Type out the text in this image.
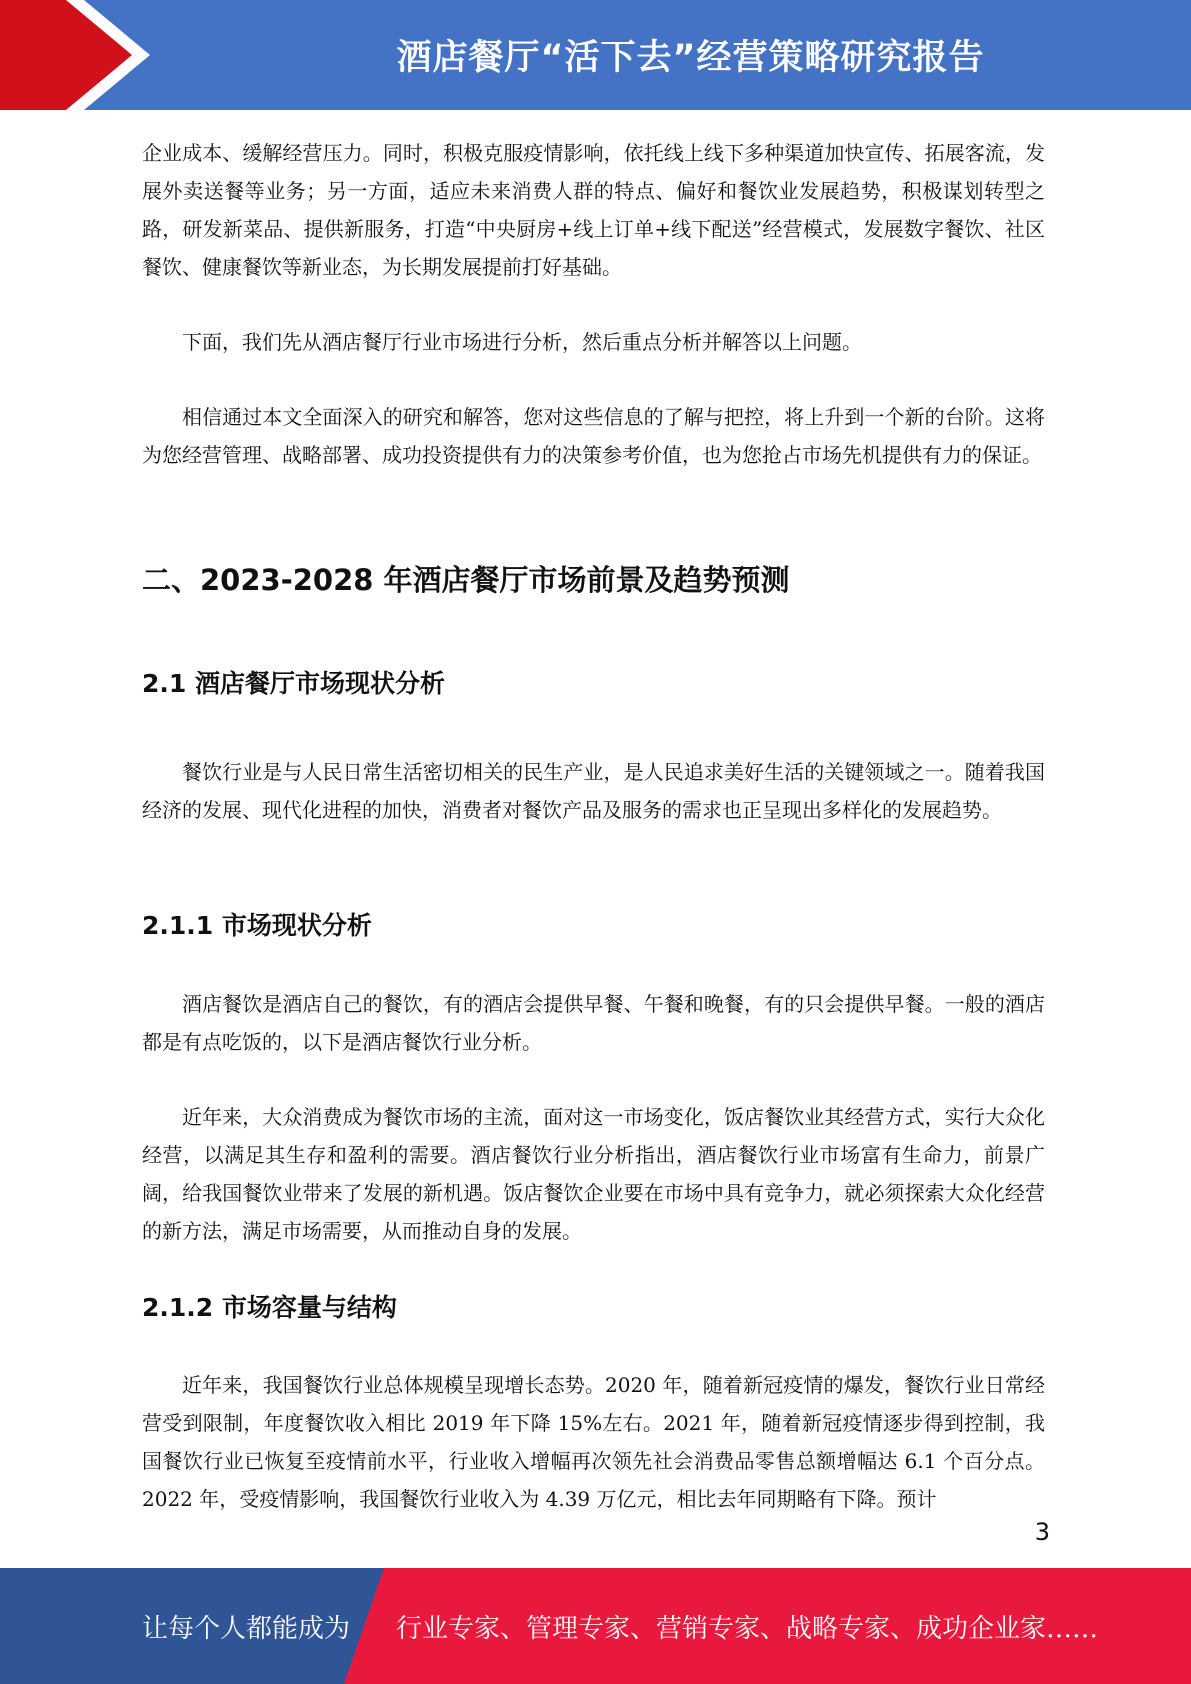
酒店餐厅“活下去”经营策略研究报告

企业成本、缓解经营压力。同时，积极克服疫情影响，依托线上线下多种渠道加快宣传、拓展客流，发展外卖送餐等业务；另一方面，适应未来消费人群的特点、偏好和餐饮业发展趋势，积极谋划转型之路，研发新菜品、提供新服务，打造“中央厨房+线上订单+线下配送”经营模式，发展数字餐饮、社区餐饮、健康餐饮等新业态，为长期发展提前打好基础。

下面，我们先从酒店餐厅行业市场进行分析，然后重点分析并解答以上问题。

相信通过本文全面深入的研究和解答，您对这些信息的了解与把控，将上升到一个新的台阶。这将为您经营管理、战略部署、成功投资提供有力的决策参考价值，也为您抢占市场先机提供有力的保证。

二、2023-2028 年酒店餐厅市场前景及趋势预测
2.1 酒店餐厅市场现状分析

餐饮行业是与人民日常生活密切相关的民生产业，是人民追求美好生活的关键领域之一。随着我国经济的发展、现代化进程的加快，消费者对餐饮产品及服务的需求也正呈现出多样化的发展趋势。

2.1.1 市场现状分析

酒店餐饮是酒店自己的餐饮，有的酒店会提供早餐、午餐和晚餐，有的只会提供早餐。一般的酒店都是有点吃饭的，以下是酒店餐饮行业分析。

近年来，大众消费成为餐饮市场的主流，面对这一市场变化，饭店餐饮业其经营方式，实行大众化经营，以满足其生存和盈利的需要。酒店餐饮行业分析指出，酒店餐饮行业市场富有生命力，前景广阔，给我国餐饮业带来了发展的新机遇。饭店餐饮企业要在市场中具有竞争力，就必须探索大众化经营的新方法，满足市场需要，从而推动自身的发展。

2.1.2 市场容量与结构

近年来，我国餐饮行业总体规模呈现增长态势。2020 年，随着新冠疫情的爆发，餐饮行业日常经营受到限制，年度餐饮收入相比 2019 年下降 15%左右。2021 年，随着新冠疫情逐步得到控制，我国餐饮行业已恢复至疫情前水平，行业收入增幅再次领先社会消费品零售总额增幅达 6.1 个百分点。2022 年，受疫情影响，我国餐饮行业收入为 4.39 万亿元，相比去年同期略有下降。预计

3
让每个人都能成为 行业专家、管理专家、营销专家、战略专家、成功企业家……
